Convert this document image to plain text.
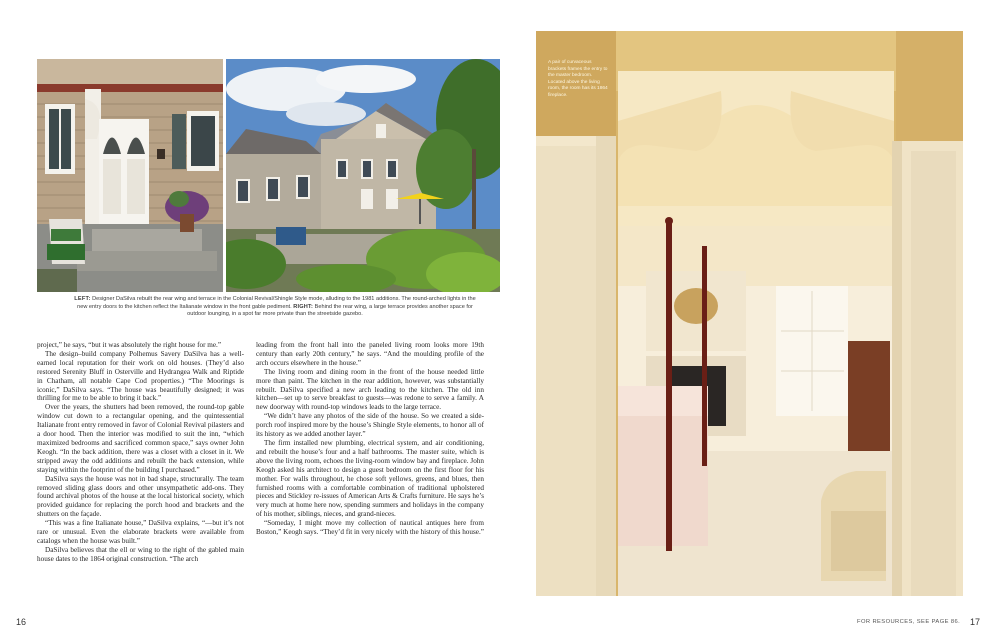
LEFT: Designer DaSilva rebuilt the rear wing and terrace in the Colonial Revival/Shingle Style mode, alluding to the 1981 additions. The round-arched lights in the new entry doors to the kitchen reflect the Italianate window in the front gable pediment. RIGHT: Behind the rear wing, a large terrace provides another space for outdoor lounging, in a spot far more private than the streetside gazebo.

project,” he says, “but it was absolutely the right house for me.”

The design–build company Polhemus Savery DaSilva has a well-earned local reputation for their work on old houses. (They’d also restored Serenity Bluff in Osterville and Hydrangea Walk and Riptide in Chatham, all notable Cape Cod properties.) “The Moorings is iconic,” DaSilva says. “The house was beautifully designed; it was thrilling for me to be able to bring it back.”

Over the years, the shutters had been removed, the round-top gable window cut down to a rectangular opening, and the quintessential Italianate front entry removed in favor of Colonial Revival pilasters and a door hood. Then the interior was modified to suit the inn, “which maximized bedrooms and sacrificed common space,” says owner John Keogh. “In the back addition, there was a closet with a closet in it. We stripped away the odd additions and rebuilt the back extension, while staying within the footprint of the building I purchased.”

DaSilva says the house was not in bad shape, structurally. The team removed sliding glass doors and other unsympathetic add-ons. They found archival photos of the house at the local historical society, which provided guidance for replacing the porch hood and brackets and the shutters on the façade.

“This was a fine Italianate house,” DaSilva explains, “—but it’s not rare or unusual. Even the elaborate brackets were available from catalogs when the house was built.”

DaSilva believes that the ell or wing to the right of the gabled main house dates to the 1864 original construction. “The arch

leading from the front hall into the paneled living room looks more 19th century than early 20th century,” he says. “And the moulding profile of the arch occurs elsewhere in the house.”

The living room and dining room in the front of the house needed little more than paint. The kitchen in the rear addition, however, was substantially rebuilt. DaSilva specified a new arch leading to the kitchen. The old inn kitchen—set up to serve breakfast to guests—was redone to serve a family. A new doorway with round-top windows leads to the large terrace.

“We didn’t have any photos of the side of the house. So we created a side-porch roof inspired more by the house’s Shingle Style elements, to honor all of its history as we added another layer.”

The firm installed new plumbing, electrical system, and air conditioning, and rebuilt the house’s four and a half bathrooms. The master suite, which is above the living room, echoes the living-room window bay and fireplace. John Keogh asked his architect to design a guest bedroom on the first floor for his mother. For walls throughout, he chose soft yellows, greens, and blues, then furnished rooms with a comfortable combination of traditional upholstered pieces and Stickley re-issues of American Arts & Crafts furniture. He says he’s very much at home here now, spending summers and holidays in the company of his mother, siblings, nieces, and grand-nieces.

“Someday, I might move my collection of nautical antiques here from Boston,” Keogh says. “They’d fit in very nicely with the history of this house.”

A pair of curvaceous brackets frames the entry to the master bedroom. Located above the living room, the room has its 1864 fireplace.
16	FOR RESOURCES, SEE PAGE 86. 17
